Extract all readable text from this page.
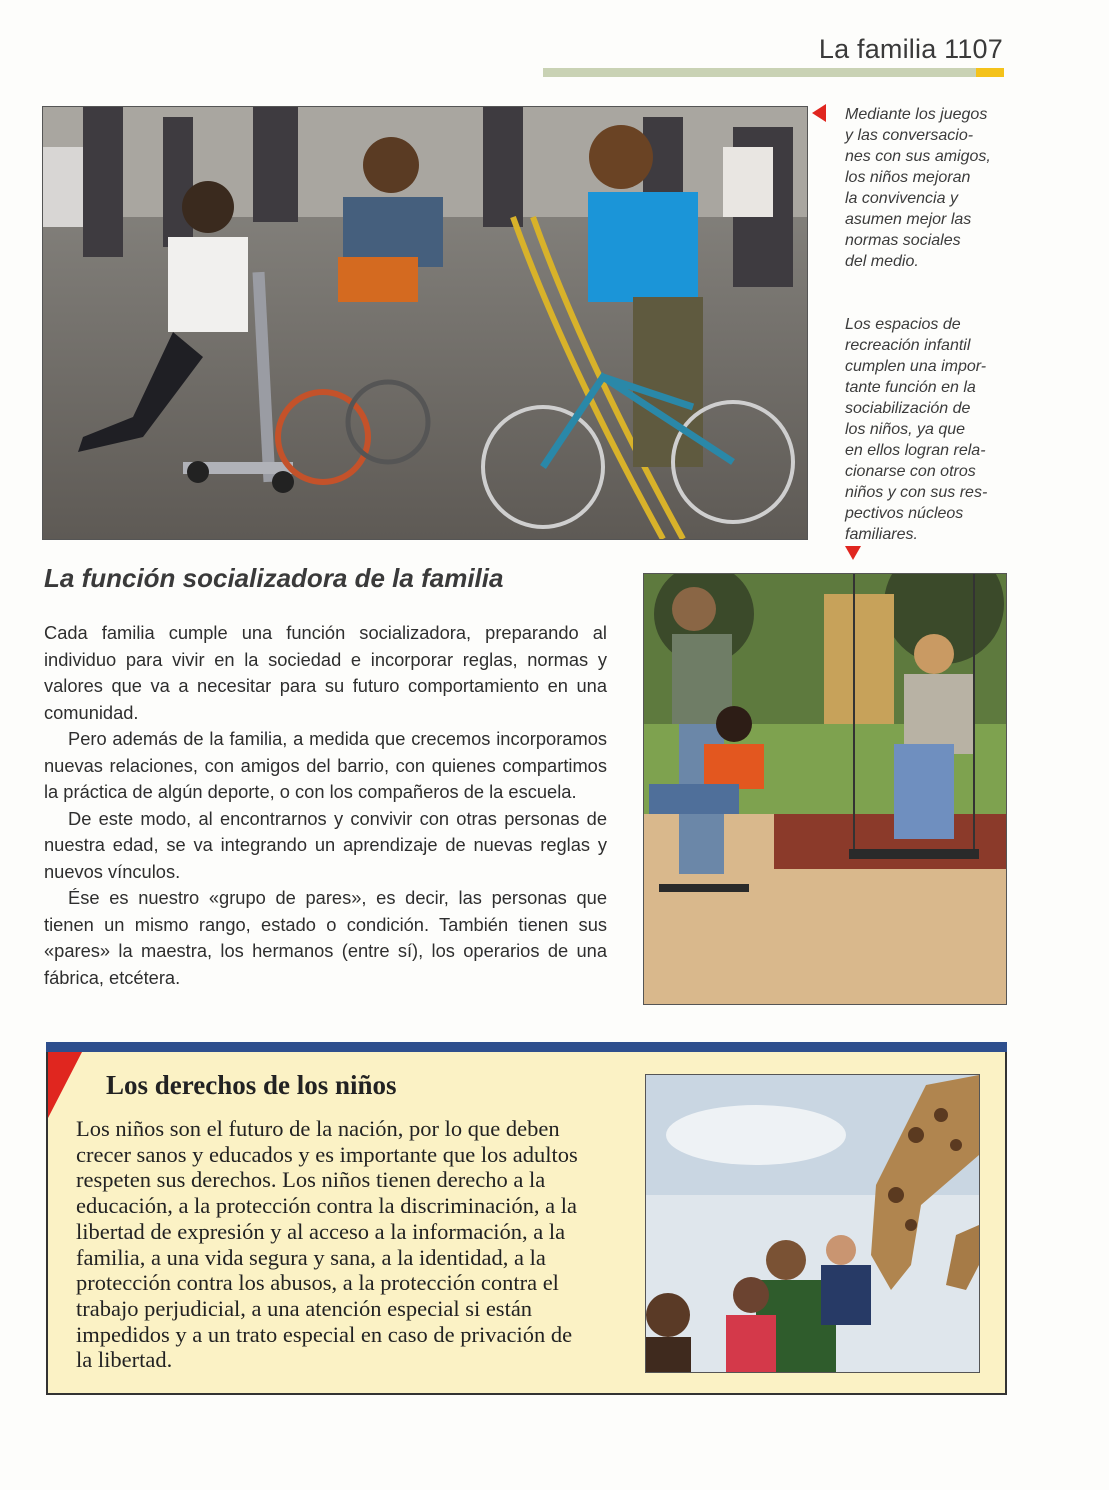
La familia 1107
Mediante los juegos
y las conversacio-
nes con sus amigos,
los niños mejoran
la convivencia y
asumen mejor las
normas sociales
del medio.
Los espacios de
recreación infantil
cumplen una impor-
tante función en la
sociabilización de
los niños, ya que
en ellos logran rela-
cionarse con otros
niños y con sus res-
pectivos núcleos
familiares.
La función socializadora de la familia

Cada familia cumple una función socializadora, preparando al individuo para vivir en la sociedad e incorporar reglas, normas y valores que va a necesitar para su futuro comportamiento en una comunidad.

Pero además de la familia, a medida que crecemos incorporamos nuevas relaciones, con amigos del barrio, con quienes compartimos la práctica de algún deporte, o con los compañeros de la escuela.

De este modo, al encontrarnos y convivir con otras personas de nuestra edad, se va integrando un aprendizaje de nuevas reglas y nuevos vínculos.

Ése es nuestro «grupo de pares», es decir, las personas que tienen un mismo rango, estado o condición. También tienen sus «pares» la maestra, los hermanos (entre sí), los operarios de una fábrica, etcétera.

Los derechos de los niños
Los niños son el futuro de la nación, por lo que deben crecer sanos y educados y es importante que los adultos respeten sus derechos. Los niños tienen derecho a la educación, a la protección contra la discriminación, a la libertad de expresión y al acceso a la información, a la familia, a una vida segura y sana, a la identidad, a la protección contra los abusos, a la protección contra el trabajo perjudicial, a una atención especial si están impedidos y a un trato especial en caso de privación de la libertad.
